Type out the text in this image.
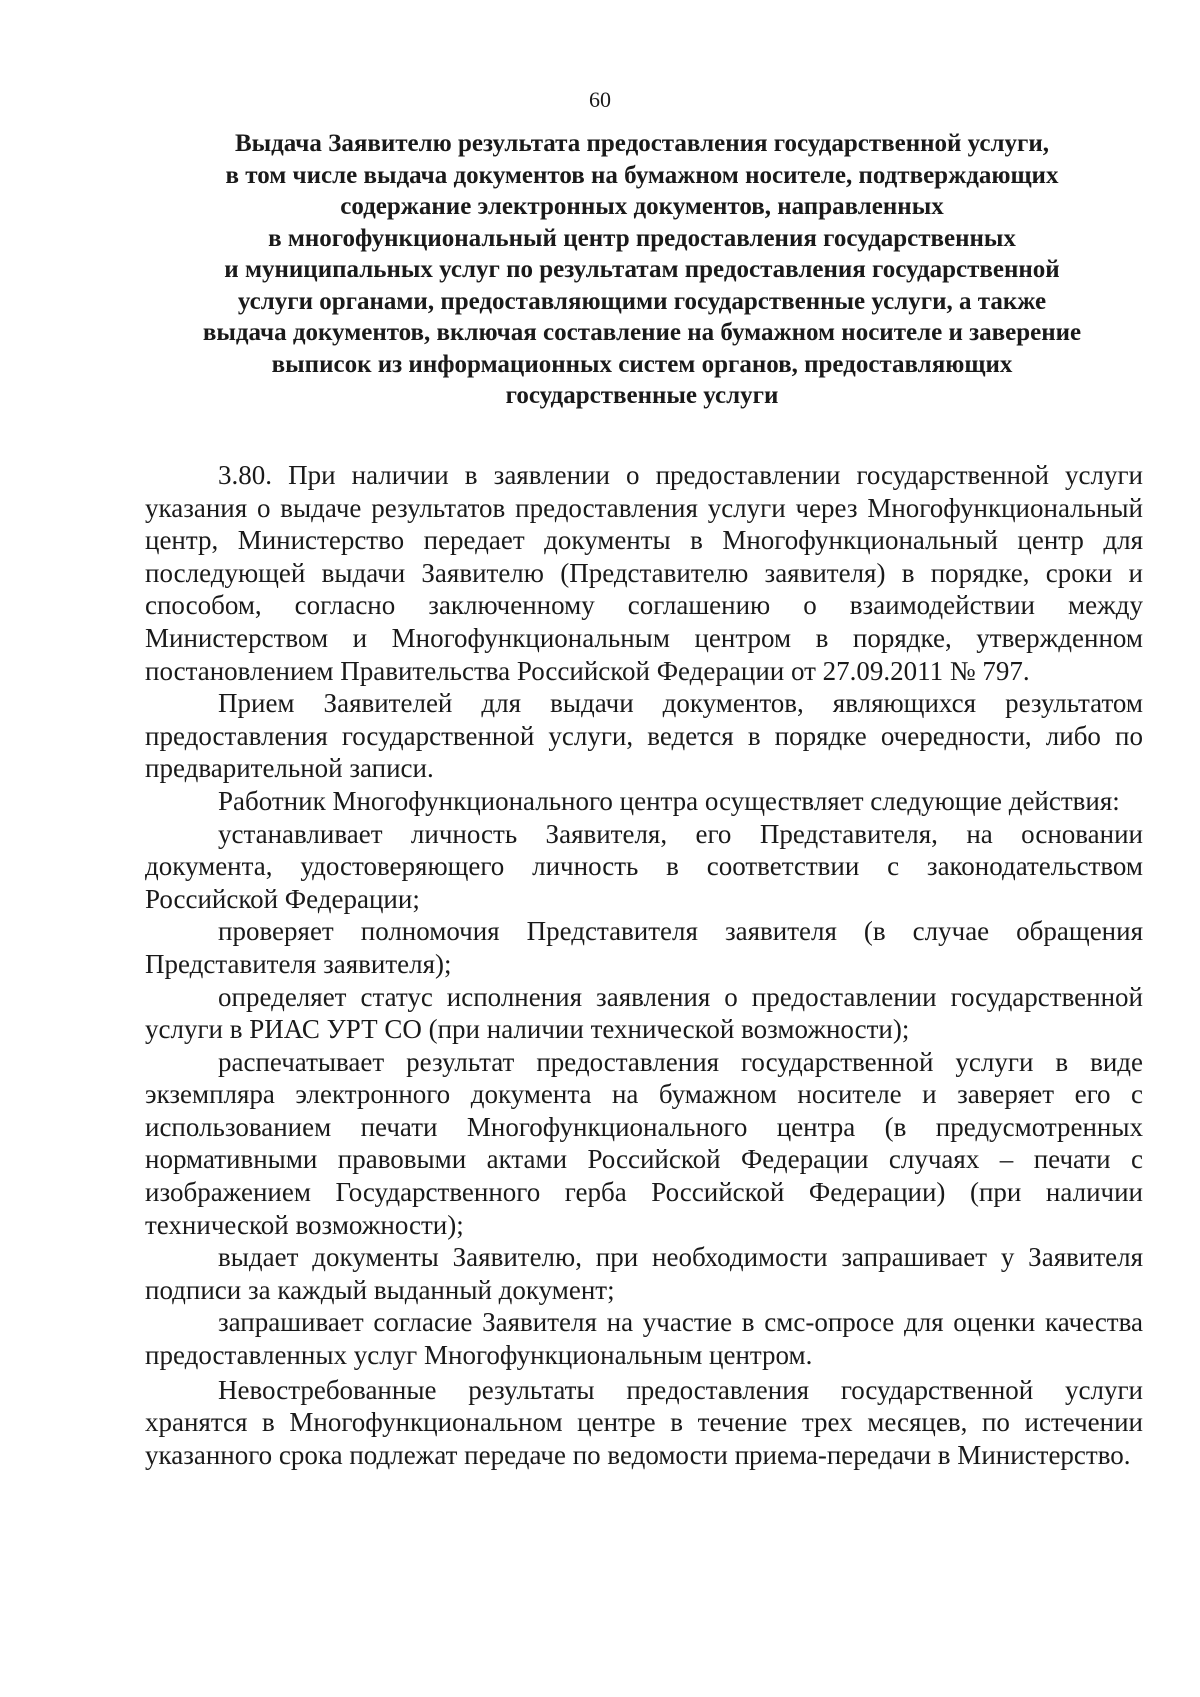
60
Выдача Заявителю результата предоставления государственной услуги,
в том числе выдача документов на бумажном носителе, подтверждающих
содержание электронных документов, направленных
в многофункциональный центр предоставления государственных
и муниципальных услуг по результатам предоставления государственной
услуги органами, предоставляющими государственные услуги, а также
выдача документов, включая составление на бумажном носителе и заверение
выписок из информационных систем органов, предоставляющих
государственные услуги

3.80. При наличии в заявлении о предоставлении государственной услуги указания о выдаче результатов предоставления услуги через Многофункциональный центр, Министерство передает документы в Многофункциональный центр для последующей выдачи Заявителю (Представителю заявителя) в порядке, сроки и способом, согласно заключенному соглашению о взаимодействии между Министерством и Многофункциональным центром в порядке, утвержденном постановлением Правительства Российской Федерации от 27.09.2011 № 797.

Прием Заявителей для выдачи документов, являющихся результатом предоставления государственной услуги, ведется в порядке очередности, либо по предварительной записи.

Работник Многофункционального центра осуществляет следующие действия:

устанавливает личность Заявителя, его Представителя, на основании документа, удостоверяющего личность в соответствии с законодательством Российской Федерации;

проверяет полномочия Представителя заявителя (в случае обращения Представителя заявителя);

определяет статус исполнения заявления о предоставлении государственной услуги в РИАС УРТ СО (при наличии технической возможности);

распечатывает результат предоставления государственной услуги в виде экземпляра электронного документа на бумажном носителе и заверяет его с использованием печати Многофункционального центра (в предусмотренных нормативными правовыми актами Российской Федерации случаях – печати с изображением Государственного герба Российской Федерации) (при наличии технической возможности);

выдает документы Заявителю, при необходимости запрашивает у Заявителя подписи за каждый выданный документ;

запрашивает согласие Заявителя на участие в смс-опросе для оценки качества предоставленных услуг Многофункциональным центром.

Невостребованные результаты предоставления государственной услуги хранятся в Многофункциональном центре в течение трех месяцев, по истечении указанного срока подлежат передаче по ведомости приема-передачи в Министерство.
